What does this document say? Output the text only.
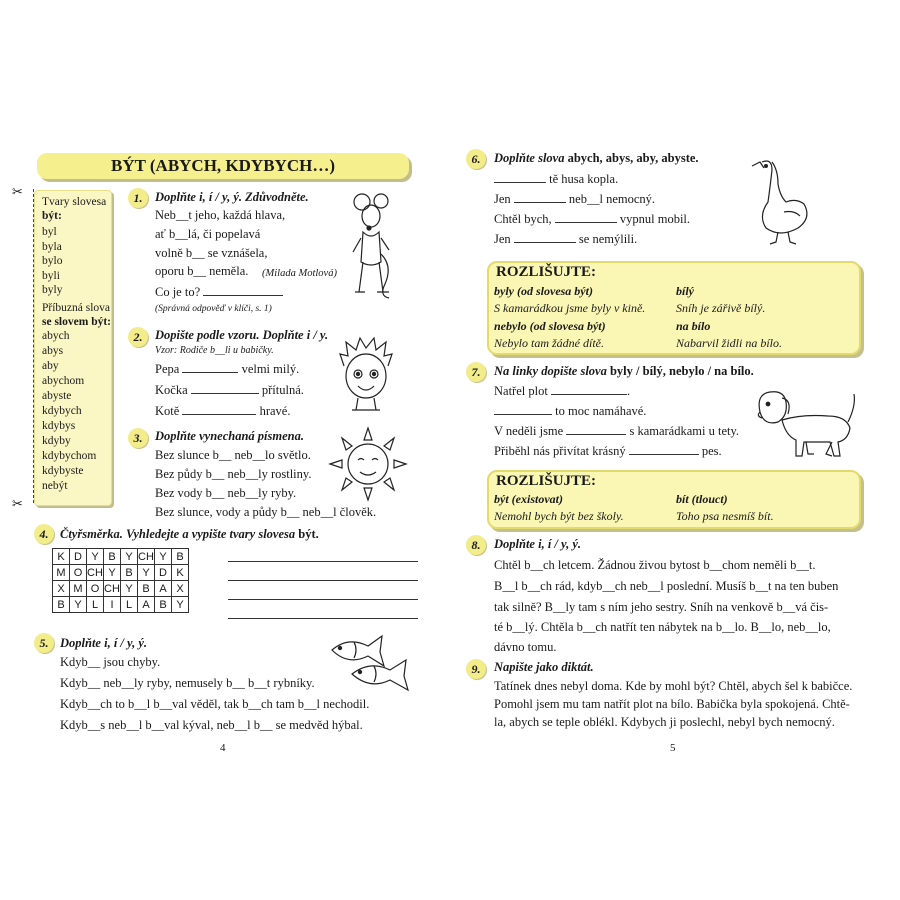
BÝT (ABYCH, KDYBYCH…)
✂
✂
Tvary slovesa
být:
byl
byla
bylo
byli
byly
Příbuzná slova
se slovem být:
abych
abys
aby
abychom
abyste
kdybych
kdybys
kdyby
kdybychom
kdybyste
nebýt
1.	Doplňte i, í / y, ý. Zdůvodněte.
Neb__t jeho, každá hlava,
ať b__lá, či popelavá
volně b__ se vznášela,
oporu b__ neměla. (Milada Motlová)
Co je to?
(Správná odpověď v klíči, s. 1)
2.	Dopište podle vzoru. Doplňte i / y.
Vzor: Rodiče b__li u babičky.
Pepa	velmi milý.
Kočka	přítulná.
Kotě	hravé.
3.	Doplňte vynechaná písmena.
Bez slunce b__ neb__lo světlo.
Bez půdy b__ neb__ly rostliny.
Bez vody b__ neb__ly ryby.
Bez slunce, vody a půdy b__ neb__l člověk.
4. Čtyřsměrka. Vyhledejte a vypište tvary slovesa být.
K	D	Y	B	Y	CH	Y	B
M	O	CH	Y	B	Y	D	K
X	M	O	CH	Y	B	A	X
B	Y	L	I	L	A	B	Y
5. Doplňte i, í / y, ý.
Kdyb__ jsou chyby.
Kdyb__ neb__ly ryby, nemusely b__ b__t rybníky.
Kdyb__ch to b__l b__val věděl, tak b__ch tam b__l nechodil.
Kdyb__s neb__l b__val kýval, neb__l b__ se medvěd hýbal.
4
6.	Doplňte slova abych, abys, aby, abyste.
tě husa kopla.
Jen	neb__l nemocný.
Chtěl bych,	vypnul mobil.
Jen	se nemýlili.
ROZLIŠUJTE:
byly (od slovesa být)	bílý
S kamarádkou jsme byly v kině.	Sníh je zářivě bílý.
nebylo (od slovesa být)	na bílo
Nebylo tam žádné dítě.	Nabarvil židli na bílo.
7.	Na linky dopište slova byly / bílý, nebylo / na bílo.
Natřel plot	.
to moc namáhavé.
V neděli jsme	s kamarádkami u tety.
Přiběhl nás přivítat krásný	pes.
ROZLIŠUJTE:
být (existovat)	bít (tlouct)
Nemohl bych být bez školy.	Toho psa nesmíš bít.
8.	Doplňte i, í / y, ý.
Chtěl b__ch letcem. Žádnou živou bytost b__chom neměli b__t.
B__l b__ch rád, kdyb__ch neb__l poslední. Musíš b__t na ten buben
tak silně? B__ly tam s ním jeho sestry. Sníh na venkově b__vá čis-
té b__lý. Chtěla b__ch natřít ten nábytek na b__lo. B__lo, neb__lo,
dávno tomu.
9.	Napište jako diktát.
Tatínek dnes nebyl doma. Kde by mohl být? Chtěl, abych šel k babičce.
Pomohl jsem mu tam natřít plot na bílo. Babička byla spokojená. Chtě-
la, abych se teple oblékl. Kdybych ji poslechl, nebyl bych nemocný.
5
